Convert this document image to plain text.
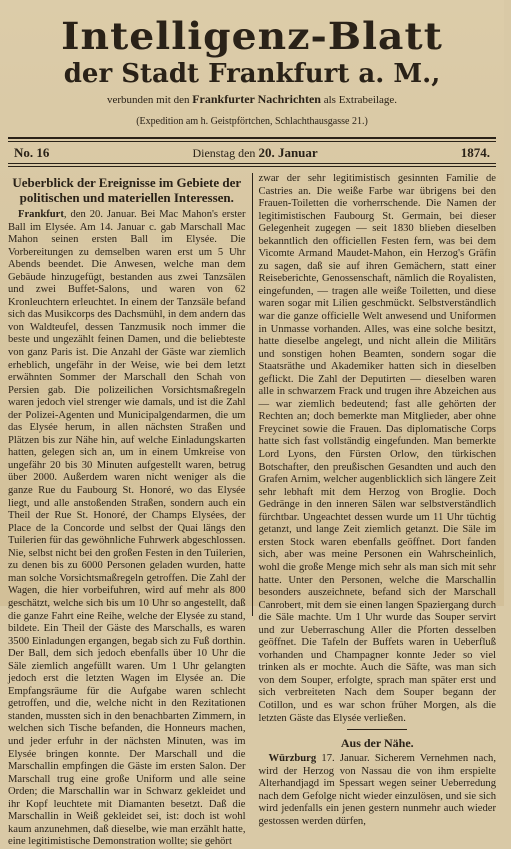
Intelligenz-Blatt
der Stadt Frankfurt a. M.,
verbunden mit den Frankfurter Nachrichten als Extrabeilage.
(Expedition am h. Geistpförtchen, Schlachthausgasse 21.)
No. 16	Dienstag den 20. Januar	1874.
Ueberblick der Ereignisse im Gebiete der politischen und materiellen Interessen.

Frankfurt, den 20. Januar. Bei Mac Mahon's erster Ball im Elysée. Am 14. Januar c. gab Marschall Mac Mahon seinen ersten Ball im Elysée. Die Vorbereitungen zu demselben waren erst um 5 Uhr Abends beendet. Die Anwesen, welche man dem Gebäude hinzugefügt, bestanden aus zwei Tanzsälen und zwei Buffet-Salons, und waren von 62 Kronleuchtern erleuchtet. In einem der Tanzsäle befand sich das Musikcorps des Dachsmühl, in dem andern das von Waldteufel, dessen Tanzmusik noch immer die beste und ungezählt feinen Damen, und die beliebteste von ganz Paris ist. Die Anzahl der Gäste war ziemlich erheblich, ungefähr in der Weise, wie bei dem letzt erwähnten Sommer der Marschall den Schah von Persien gab. Die polizeilichen Vorsichtsmaßregeln waren jedoch viel strenger wie damals, und ist die Zahl der Polizei-Agenten und Municipalgendarmen, die um das Elysée herum, in allen nächsten Straßen und Plätzen bis zur Nähe hin, auf welche Einladungskarten hatten, gelegen sich an, um in einem Umkreise von ungefähr 20 bis 30 Minuten aufgestellt waren, betrug über 2000. Außerdem waren nicht weniger als die ganze Rue du Faubourg St. Honoré, wo das Elysée liegt, und alle anstoßenden Straßen, sondern auch ein Theil der Rue St. Honoré, der Champs Elysées, der Place de la Concorde und selbst der Quai längs den Tuilerien für das gewöhnliche Fuhrwerk abgeschlossen. Nie, selbst nicht bei den großen Festen in den Tuilerien, zu denen bis zu 6000 Personen geladen wurden, hatte man solche Vorsichtsmaßregeln getroffen. Die Zahl der Wagen, die hier vorbeifuhren, wird auf mehr als 800 geschätzt, welche sich bis um 10 Uhr so angestellt, daß die ganze Fahrt eine Reihe, welche der Elysée zu stand, bildete. Ein Theil der Gäste des Marschalls, es waren 3500 Einladungen ergangen, begab sich zu Fuß dorthin. Der Ball, dem sich jedoch ebenfalls über 10 Uhr die Säle ziemlich angefüllt waren. Um 1 Uhr gelangten jedoch erst die letzten Wagen im Elysée an. Die Empfangsräume für die Aufgabe waren schlecht getroffen, und die, welche nicht in den Rezitationen standen, mussten sich in den benachbarten Zimmern, in welchen sich Tische befanden, die Honneurs machen, und jeder erfuhr in der nächsten Minuten, was im Elysée bringen konnte. Der Marschall und die Marschallin empfingen die Gäste im ersten Salon. Der Marschall trug eine große Uniform und alle seine Orden; die Marschallin war in Schwarz gekleidet und ihr Kopf leuchtete mit Diamanten besetzt. Daß die Marschallin in Weiß gekleidet sei, ist: doch ist wohl kaum anzunehmen, daß dieselbe, wie man erzählt hatte, eine legitimistische Demonstration wollte; sie gehört

zwar der sehr legitimistisch gesinnten Familie de Castries an. Die weiße Farbe war übrigens bei den Frauen-Toiletten die vorherrschende. Die Namen der legitimistischen Faubourg St. Germain, bei dieser Gelegenheit zugegen — seit 1830 blieben dieselben bekanntlich den officiellen Festen fern, was bei dem Vicomte Armand Maudet-Mahon, ein Herzog's Gräfin zu sagen, daß sie auf ihren Gemächern, statt einer Reiseberichte, Genossenschaft, nämlich die Royalisten, eingefunden, — tragen alle weiße Toiletten, und diese waren sogar mit Lilien geschmückt. Selbstverständlich war die ganze officielle Welt anwesend und Uniformen in Unmasse vorhanden. Alles, was eine solche besitzt, hatte dieselbe angelegt, und nicht allein die Militärs und sonstigen hohen Beamten, sondern sogar die Staatsräthe und Akademiker hatten sich in dieselben geflickt. Die Zahl der Deputirten — dieselben waren alle in schwarzem Frack und trugen ihre Abzeichen aus — war ziemlich bedeutend; fast alle gehörten der Rechten an; doch bemerkte man Mitglieder, aber ohne Freycinet sowie die Frauen. Das diplomatische Corps hatte sich fast vollständig eingefunden. Man bemerkte Lord Lyons, den Fürsten Orlow, den türkischen Botschafter, den preußischen Gesandten und auch den Grafen Arnim, welcher augenblicklich sich längere Zeit sehr lebhaft mit dem Herzog von Broglie. Doch Gedränge in den inneren Sälen war selbstverständlich fürchtbar. Ungeachtet dessen wurde um 11 Uhr tüchtig getanzt, und lange Zeit ziemlich getanzt. Die Säle im ersten Stock waren ebenfalls geöffnet. Dort fanden sich, aber was meine Personen ein Wahrscheinlich, wohl die große Menge mich sehr als man sich mit sehr hatte. Unter den Personen, welche die Marschallin besonders auszeichnete, befand sich der Marschall Canrobert, mit dem sie einen langen Spaziergang durch die Säle machte. Um 1 Uhr wurde das Souper servirt und zur Ueberraschung Aller die Pforten desselben geöffnet. Die Tafeln der Buffets waren in Ueberfluß vorhanden und Champagner konnte Jeder so viel trinken als er mochte. Auch die Säfte, was man sich von dem Souper, erfolgte, sprach man später erst und sich verbreiteten Nach dem Souper begann der Cotillon, und es war schon früher Morgen, als die letzten Gäste das Elysée verließen.

Aus der Nähe.

Würzburg 17. Januar. Sicherem Vernehmen nach, wird der Herzog von Nassau die von ihm erspielte Alterhandjagd im Spessart wegen seiner Ueberredung nach dem Gefolge nicht wieder einzulösen, und sie sich wird jedenfalls ein jenen gestern nunmehr auch wieder gestossen werden dürfen,
